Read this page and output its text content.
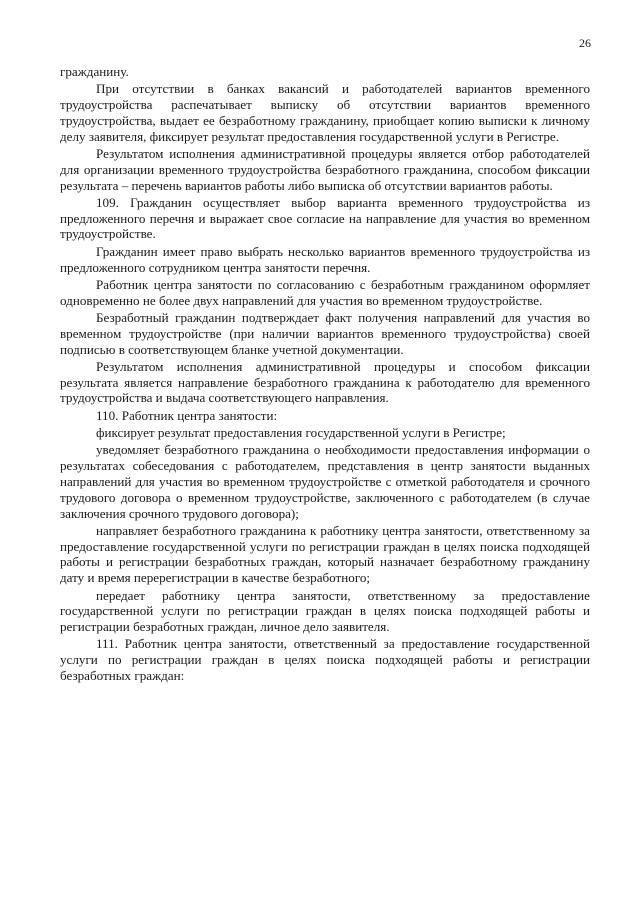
26

гражданину.

При отсутствии в банках вакансий и работодателей вариантов временного трудоустройства распечатывает выписку об отсутствии вариантов временного трудоустройства, выдает ее безработному гражданину, приобщает копию выписки к личному делу заявителя, фиксирует результат предоставления государственной услуги в Регистре.

Результатом исполнения административной процедуры является отбор работодателей для организации временного трудоустройства безработного гражданина, способом фиксации результата – перечень вариантов работы либо выписка об отсутствии вариантов работы.

109. Гражданин осуществляет выбор варианта временного трудоустройства из предложенного перечня и выражает свое согласие на направление для участия во временном трудоустройстве.

Гражданин имеет право выбрать несколько вариантов временного трудоустройства из предложенного сотрудником центра занятости перечня.

Работник центра занятости по согласованию с безработным гражданином оформляет одновременно не более двух направлений для участия во временном трудоустройстве.

Безработный гражданин подтверждает факт получения направлений для участия во временном трудоустройстве (при наличии вариантов временного трудоустройства) своей подписью в соответствующем бланке учетной документации.

Результатом исполнения административной процедуры и способом фиксации результата является направление безработного гражданина к работодателю для временного трудоустройства и выдача соответствующего направления.

110. Работник центра занятости:

фиксирует результат предоставления государственной услуги в Регистре;

уведомляет безработного гражданина о необходимости предоставления информации о результатах собеседования с работодателем, представления в центр занятости выданных направлений для участия во временном трудоустройстве с отметкой работодателя и срочного трудового договора о временном трудоустройстве, заключенного с работодателем (в случае заключения срочного трудового договора);

направляет безработного гражданина к работнику центра занятости, ответственному за предоставление государственной услуги по регистрации граждан в целях поиска подходящей работы и регистрации безработных граждан, который назначает безработному гражданину дату и время перерегистрации в качестве безработного;

передает работнику центра занятости, ответственному за предоставление государственной услуги по регистрации граждан в целях поиска подходящей работы и регистрации безработных граждан, личное дело заявителя.

111. Работник центра занятости, ответственный за предоставление государственной услуги по регистрации граждан в целях поиска подходящей работы и регистрации безработных граждан:
